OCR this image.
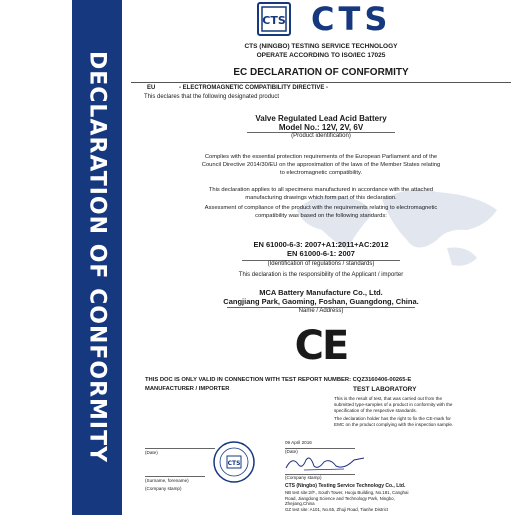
DECLARATION OF CONFORMITY
CTS CTS
CTS (NINGBO) TESTING SERVICE TECHNOLOGY
OPERATE ACCORDING TO ISO/IEC 17025
EC DECLARATION OF CONFORMITY
EU	- ELECTROMAGNETIC COMPATIBILITY DIRECTIVE -
This declares that the following designated product
Valve Regulated Lead Acid Battery
Model No.: 12V, 2V, 6V
(Product identification)
Complies with the essential protection requirements of the European Parliament and of the
Council Directive 2014/30/EU on the approximation of the laws of the Member States relating
to electromagnetic compatibility.
This declaration applies to all specimens manufactured in accordance with the attached
manufacturing drawings which form part of this declaration.
Assessment of compliance of the product with the requirements relating to electromagnetic
compatibility was based on the following standards:
EN 61000-6-3: 2007+A1:2011+AC:2012
EN 61000-6-1: 2007
(Identification of regulations / standards)
This declaration is the responsibility of the Applicant / importer
MCA Battery Manufacture Co., Ltd.
Cangjiang Park, Gaoming, Foshan, Guangdong, China.
Name / Address)
CE
THIS DOC IS ONLY VALID IN CONNECTION WITH TEST REPORT NUMBER: CQZ3160406-00265-E
MANUFACTURER / IMPORTER	TEST LABORATORY
This is the result of test, that was carried out from the
submitted type-samples of a product in conformity with the
specification of the respective standards.
The declaration holder has the right to fix the CE-mark for
EMC on the product complying with the inspection sample.
09 April 2016
(Date)
(Company stamp)
CTS (Ningbo) Testing Service Technology Co., Ltd.
NB test site:2/F., South Tower, Huoju Building, No.181, Canghai
Road, Jiangdong Science and Technology Park, Ningbo,
Zhejiang,China
GZ test site: A101, No.65, Zhuji Road, Tianhe District
(Date)
(Surname, forename)
(Company stamp)
CTS
